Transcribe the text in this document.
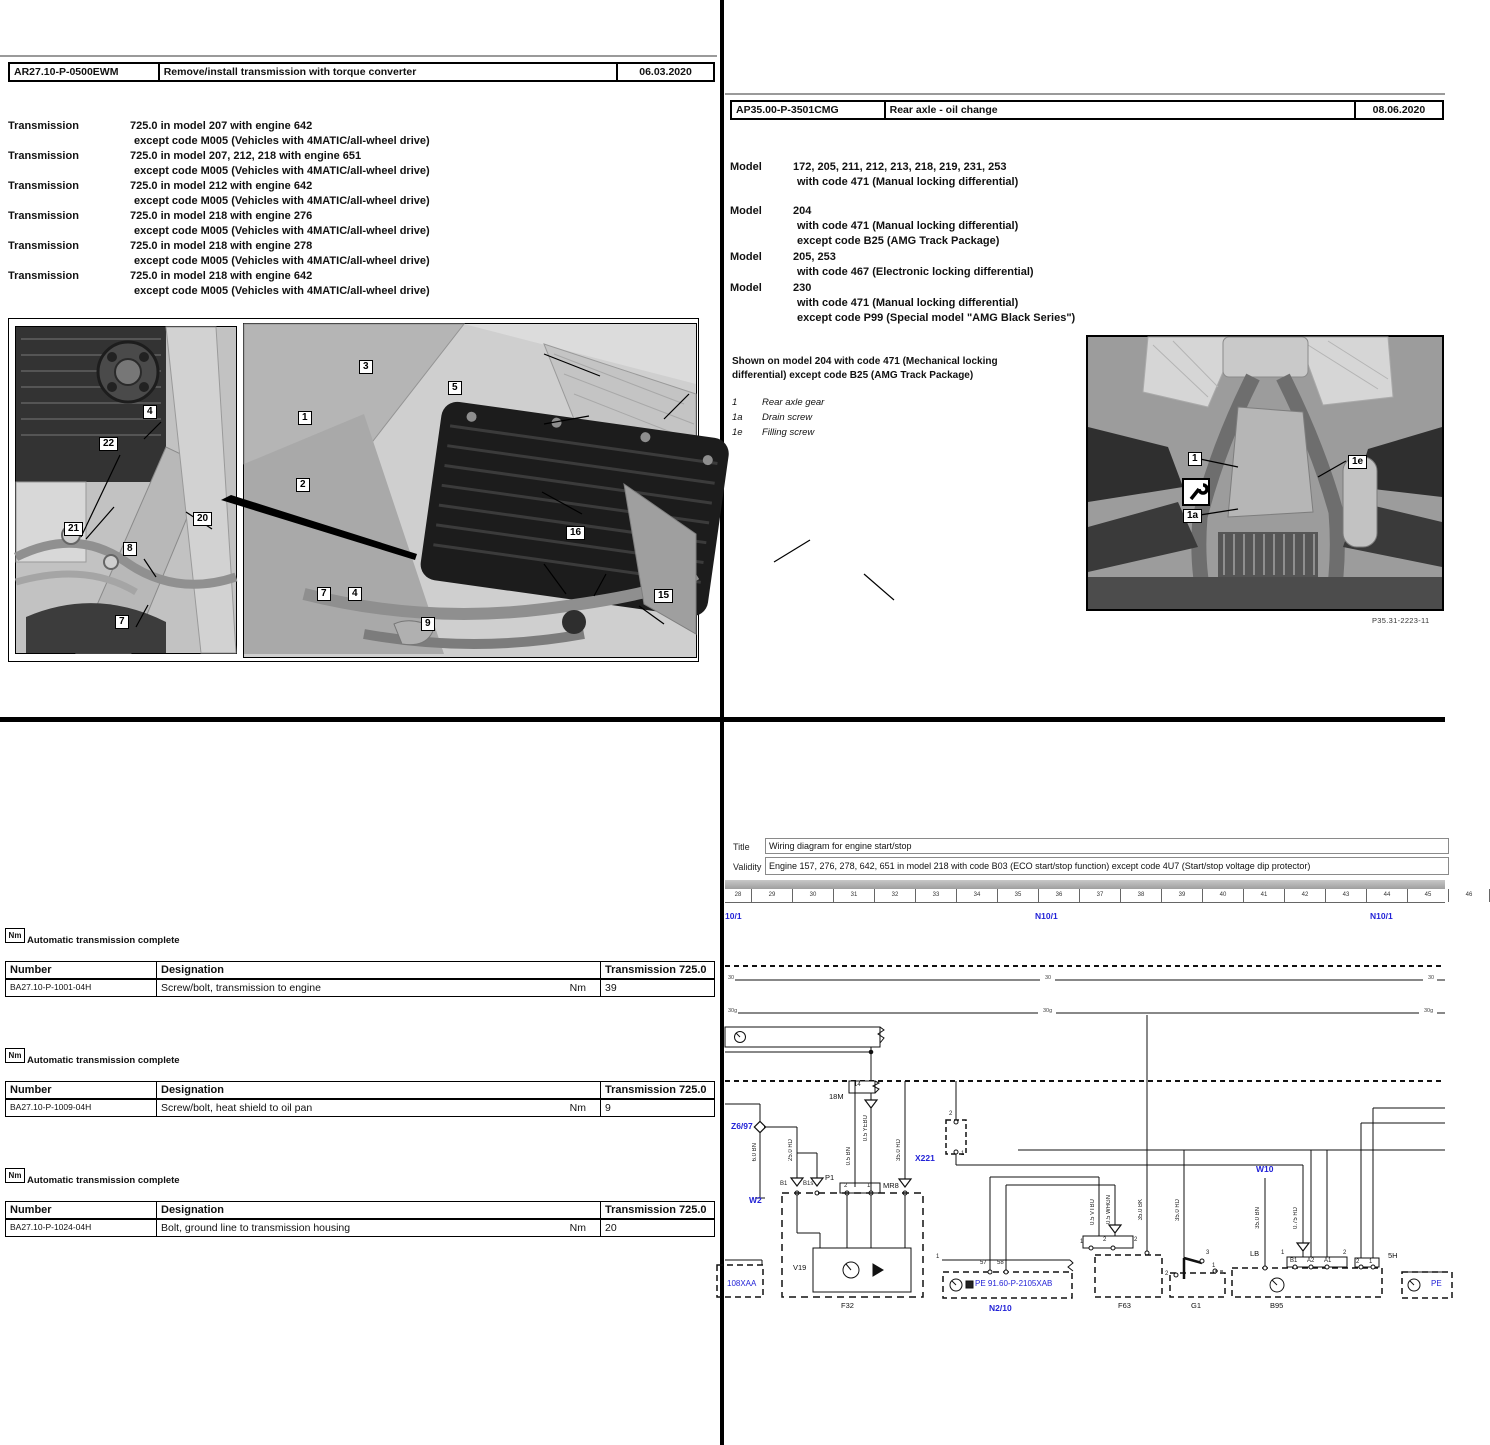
AR27.10-P-0500EWM	Remove/install transmission with torque converter	06.03.2020
Transmission	725.0 in model 207 with engine 642
except code M005 (Vehicles with 4MATIC/all-wheel drive)
Transmission	725.0 in model 207, 212, 218 with engine 651
except code M005 (Vehicles with 4MATIC/all-wheel drive)
Transmission	725.0 in model 212 with engine 642
except code M005 (Vehicles with 4MATIC/all-wheel drive)
Transmission	725.0 in model 218 with engine 276
except code M005 (Vehicles with 4MATIC/all-wheel drive)
Transmission	725.0 in model 218 with engine 278
except code M005 (Vehicles with 4MATIC/all-wheel drive)
Transmission	725.0 in model 218 with engine 642
except code M005 (Vehicles with 4MATIC/all-wheel drive)
4
22
21
20
8
7
3
5
1
2
16
7	4
9
15
AP35.00-P-3501CMG	Rear axle - oil change	08.06.2020
Model	172, 205, 211, 212, 213, 218, 219, 231, 253
with code 471 (Manual locking differential)
Model	204
with code 471 (Manual locking differential)
except code B25 (AMG Track Package)
Model	205, 253
with code 467 (Electronic locking differential)
Model	230
with code 471 (Manual locking differential)
except code P99 (Special model "AMG Black Series")
Shown on model 204 with code 471 (Mechanical locking
differential) except code B25 (AMG Track Package)
1	Rear axle gear
1a	Drain screw
1e	Filling screw
1
1a
1e
P35.31-2223-11
Nm Automatic transmission complete
Number	Designation	Transmission 725.0
BA27.10-P-1001-04H	Screw/bolt, transmission to engine	Nm	39
Nm Automatic transmission complete
Number	Designation	Transmission 725.0
BA27.10-P-1009-04H	Screw/bolt, heat shield to oil pan	Nm	9
Nm Automatic transmission complete
Number	Designation	Transmission 725.0
BA27.10-P-1024-04H	Bolt, ground line to transmission housing	Nm	20
Title	Wiring diagram for engine start/stop
Validity Engine 157, 276, 278, 642, 651 in model 218 with code B03 (ECO start/stop function) except code 4U7 (Start/stop voltage dip protector)
28	29	30	31	32	33	34	35	36	37	38	39	40	41	42	43	44	45	46
10/1	N10/1	N10/1
30	30	30
30g	30g	30g
14
18M
0.5 YEBU
Z6/97
6.0 BN
W2
25.0 RD	0.5 BN	35.0 RD
B1	B1s
P1
2	1 MR8
V19
F32
108XAA
X221
2
1
1
57 58
PE 91.60-P-2105XAB
N2/10
0.5 VTBU 0.5 WHGN	35.0 BK	35.0 RD
1	2	2
F63
3
2
1
G1
W10
35.0 BN	0.75 RD
LB	1
B1 A2 A1
2
2 1
B95
5H
PE
